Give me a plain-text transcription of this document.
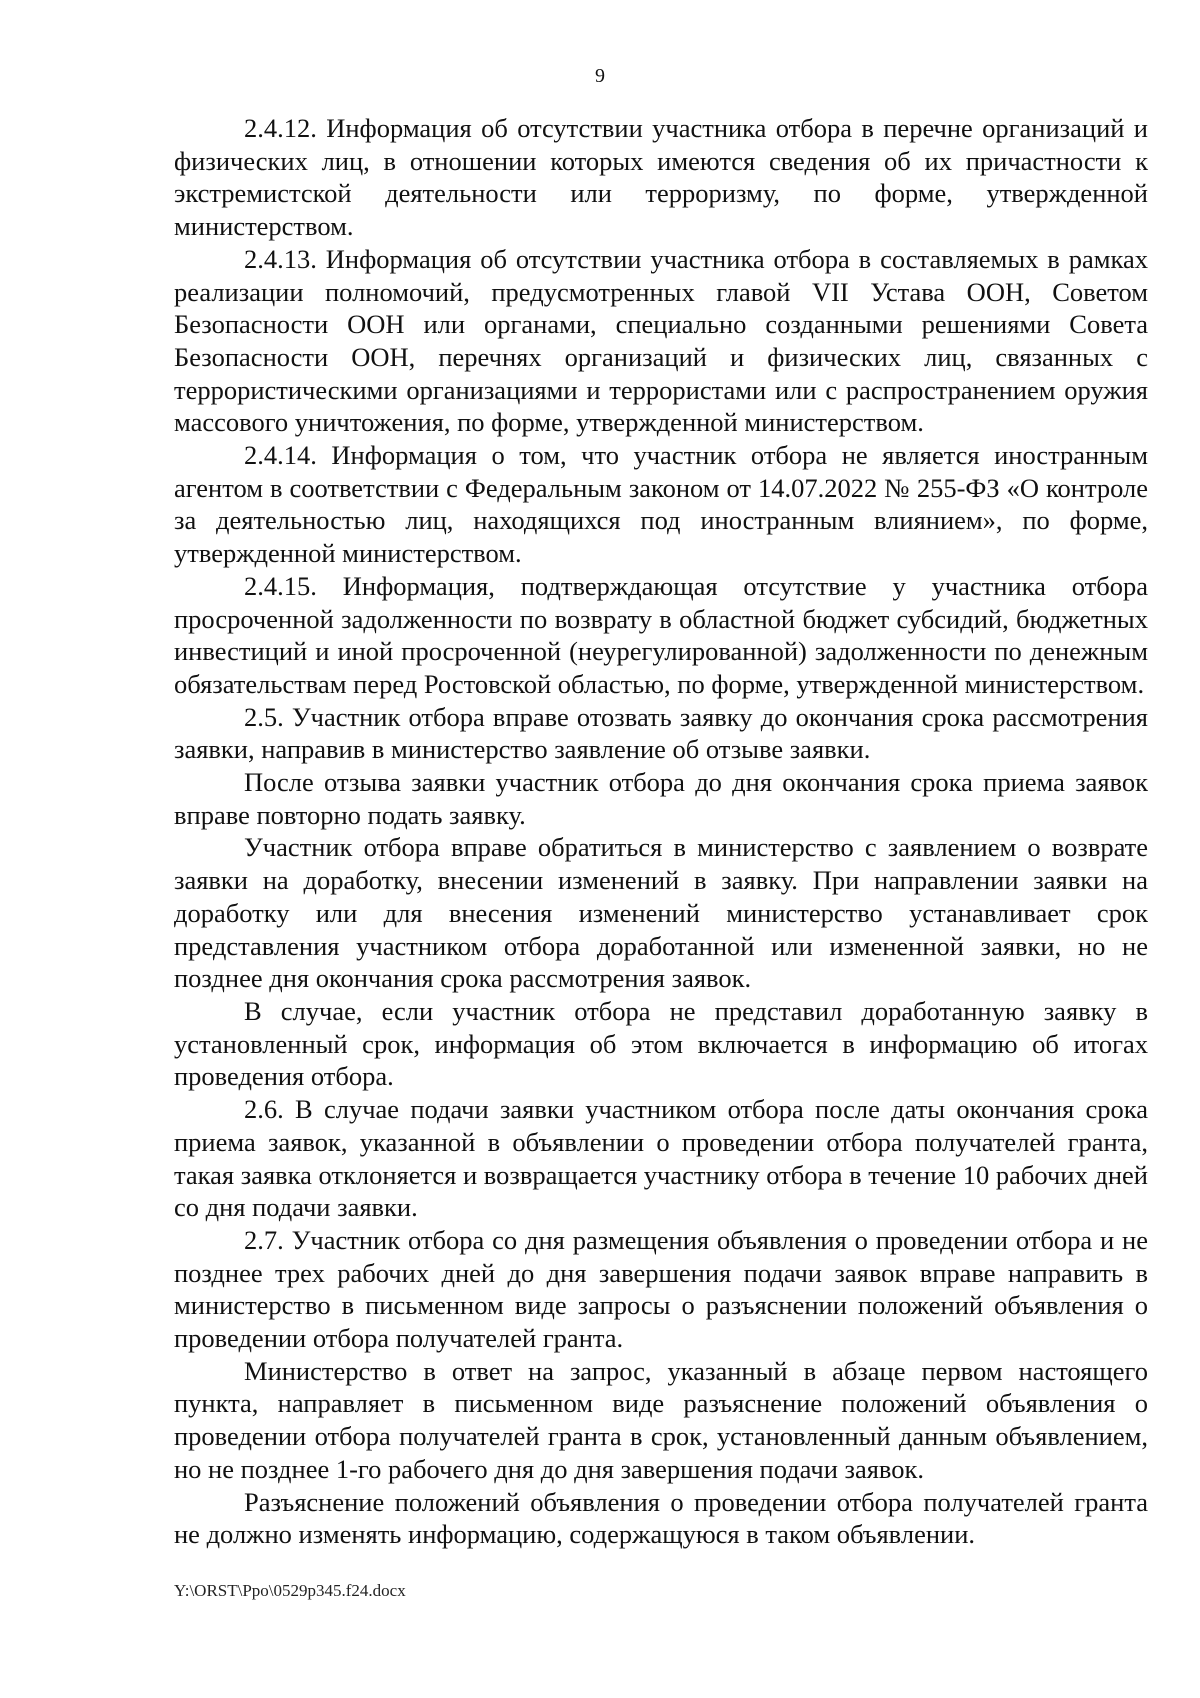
9

2.4.12. Информация об отсутствии участника отбора в перечне организаций и физических лиц, в отношении которых имеются сведения об их причастности к экстремистской деятельности или терроризму, по форме, утвержденной министерством.

2.4.13. Информация об отсутствии участника отбора в составляемых в рамках реализации полномочий, предусмотренных главой VII Устава ООН, Советом Безопасности ООН или органами, специально созданными решениями Совета Безопасности ООН, перечнях организаций и физических лиц, связанных с террористическими организациями и террористами или с распространением оружия массового уничтожения, по форме, утвержденной министерством.

2.4.14. Информация о том, что участник отбора не является иностранным агентом в соответствии с Федеральным законом от 14.07.2022 № 255-ФЗ «О контроле за деятельностью лиц, находящихся под иностранным влиянием», по форме, утвержденной министерством.

2.4.15. Информация, подтверждающая отсутствие у участника отбора просроченной задолженности по возврату в областной бюджет субсидий, бюджетных инвестиций и иной просроченной (неурегулированной) задолженности по денежным обязательствам перед Ростовской областью, по форме, утвержденной министерством.

2.5. Участник отбора вправе отозвать заявку до окончания срока рассмотрения заявки, направив в министерство заявление об отзыве заявки.

После отзыва заявки участник отбора до дня окончания срока приема заявок вправе повторно подать заявку.

Участник отбора вправе обратиться в министерство с заявлением о возврате заявки на доработку, внесении изменений в заявку. При направлении заявки на доработку или для внесения изменений министерство устанавливает срок представления участником отбора доработанной или измененной заявки, но не позднее дня окончания срока рассмотрения заявок.

В случае, если участник отбора не представил доработанную заявку в установленный срок, информация об этом включается в информацию об итогах проведения отбора.

2.6. В случае подачи заявки участником отбора после даты окончания срока приема заявок, указанной в объявлении о проведении отбора получателей гранта, такая заявка отклоняется и возвращается участнику отбора в течение 10 рабочих дней со дня подачи заявки.

2.7. Участник отбора со дня размещения объявления о проведении отбора и не позднее трех рабочих дней до дня завершения подачи заявок вправе направить в министерство в письменном виде запросы о разъяснении положений объявления о проведении отбора получателей гранта.

Министерство в ответ на запрос, указанный в абзаце первом настоящего пункта, направляет в письменном виде разъяснение положений объявления о проведении отбора получателей гранта в срок, установленный данным объявлением, но не позднее 1-го рабочего дня до дня завершения подачи заявок.

Разъяснение положений объявления о проведении отбора получателей гранта не должно изменять информацию, содержащуюся в таком объявлении.

Y:\ORST\Ppo\0529p345.f24.docx
